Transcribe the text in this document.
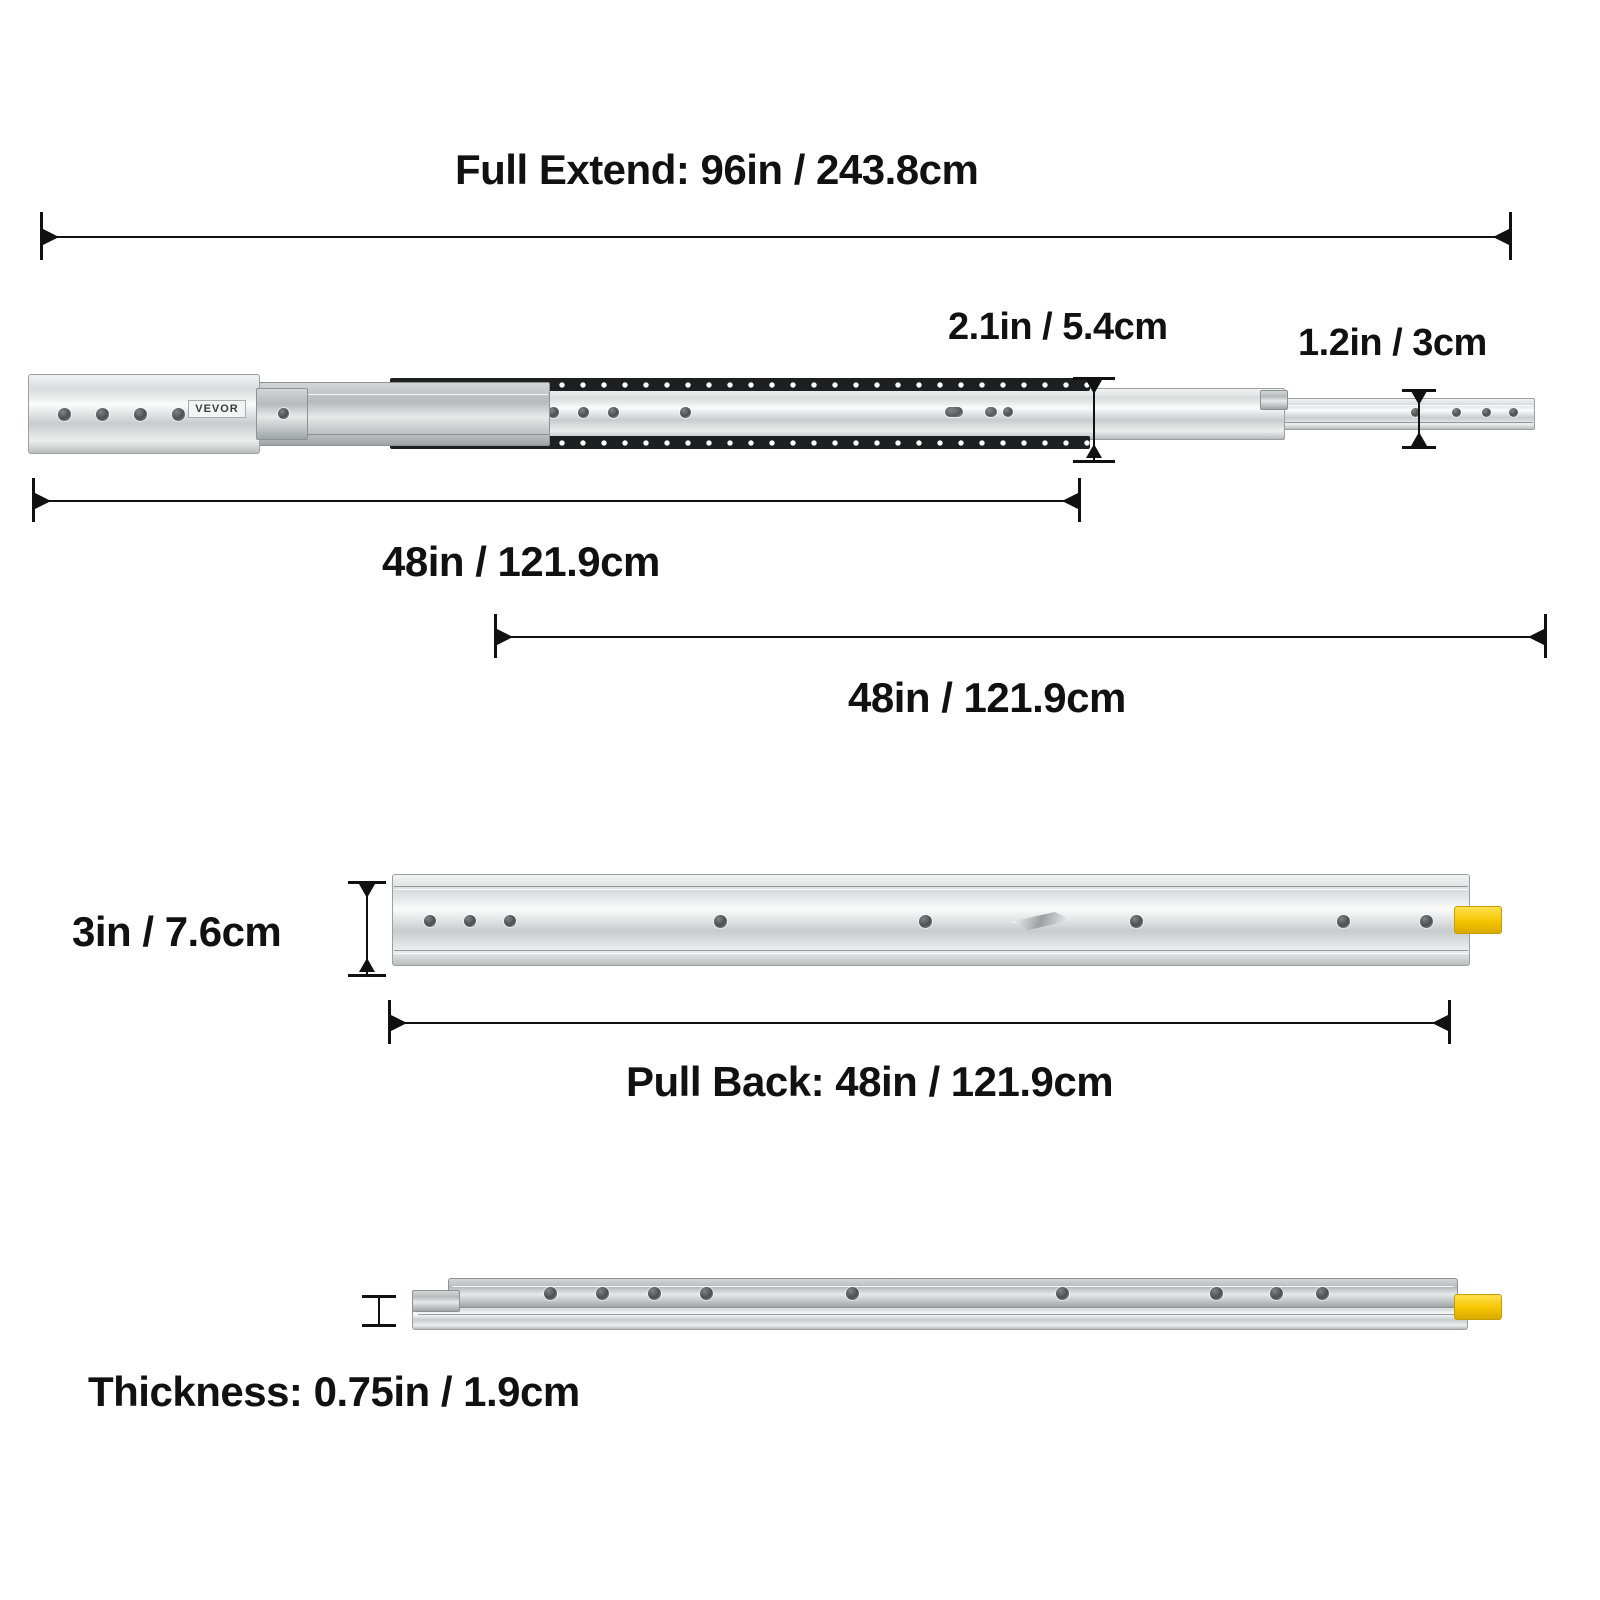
Full Extend: 96in / 243.8cm
VEVOR
2.1in / 5.4cm	1.2in / 3cm
48in / 121.9cm
48in / 121.9cm
3in / 7.6cm
Pull Back: 48in / 121.9cm
Thickness: 0.75in / 1.9cm
